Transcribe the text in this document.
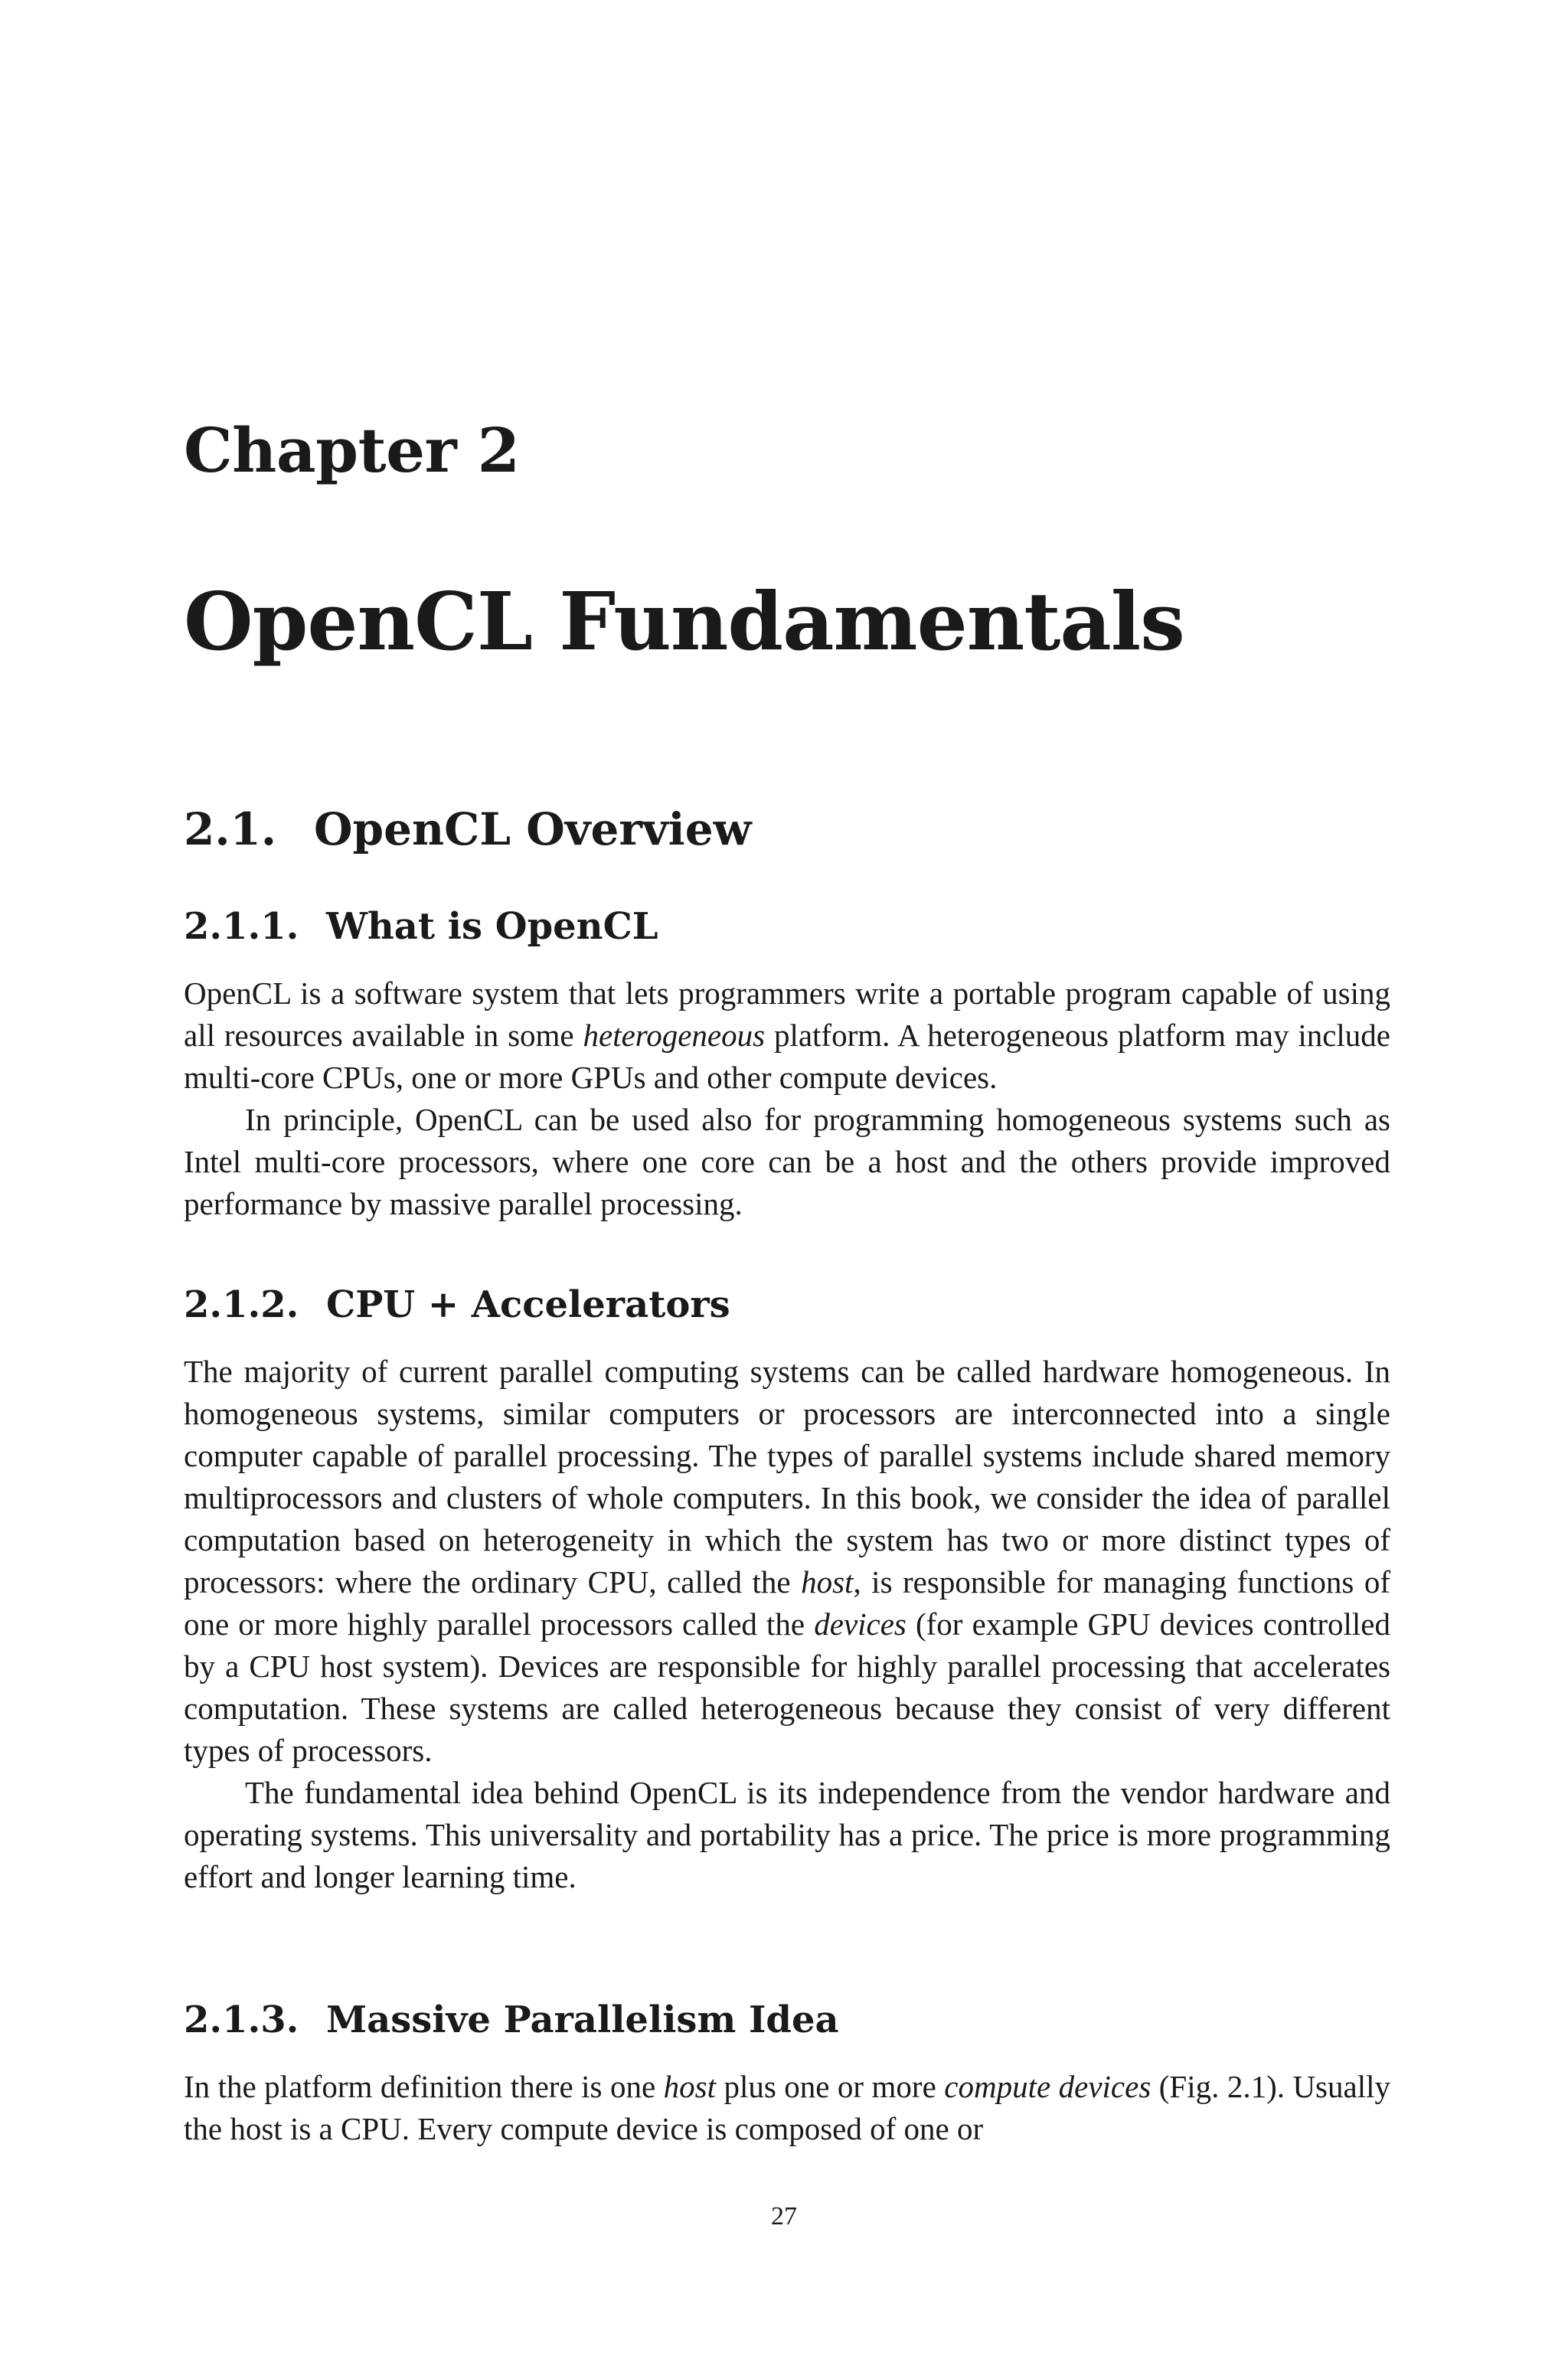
Chapter 2
OpenCL Fundamentals
2.1. OpenCL Overview
2.1.1. What is OpenCL

OpenCL is a software system that lets programmers write a portable program capable of using all resources available in some heterogeneous platform. A heterogeneous platform may include multi-core CPUs, one or more GPUs and other compute devices.

In principle, OpenCL can be used also for programming homogeneous systems such as Intel multi-core processors, where one core can be a host and the others provide improved performance by massive parallel processing.

2.1.2. CPU + Accelerators

The majority of current parallel computing systems can be called hardware homogeneous. In homogeneous systems, similar computers or processors are interconnected into a single computer capable of parallel processing. The types of parallel systems include shared memory multiprocessors and clusters of whole computers. In this book, we consider the idea of parallel computation based on heterogeneity in which the system has two or more distinct types of processors: where the ordinary CPU, called the host, is responsible for managing functions of one or more highly parallel processors called the devices (for example GPU devices controlled by a CPU host system). Devices are responsible for highly parallel processing that accelerates computation. These systems are called heterogeneous because they consist of very different types of processors.

The fundamental idea behind OpenCL is its independence from the vendor hardware and operating systems. This universality and portability has a price. The price is more programming effort and longer learning time.

2.1.3. Massive Parallelism Idea

In the platform definition there is one host plus one or more compute devices (Fig. 2.1). Usually the host is a CPU. Every compute device is composed of one or

27
